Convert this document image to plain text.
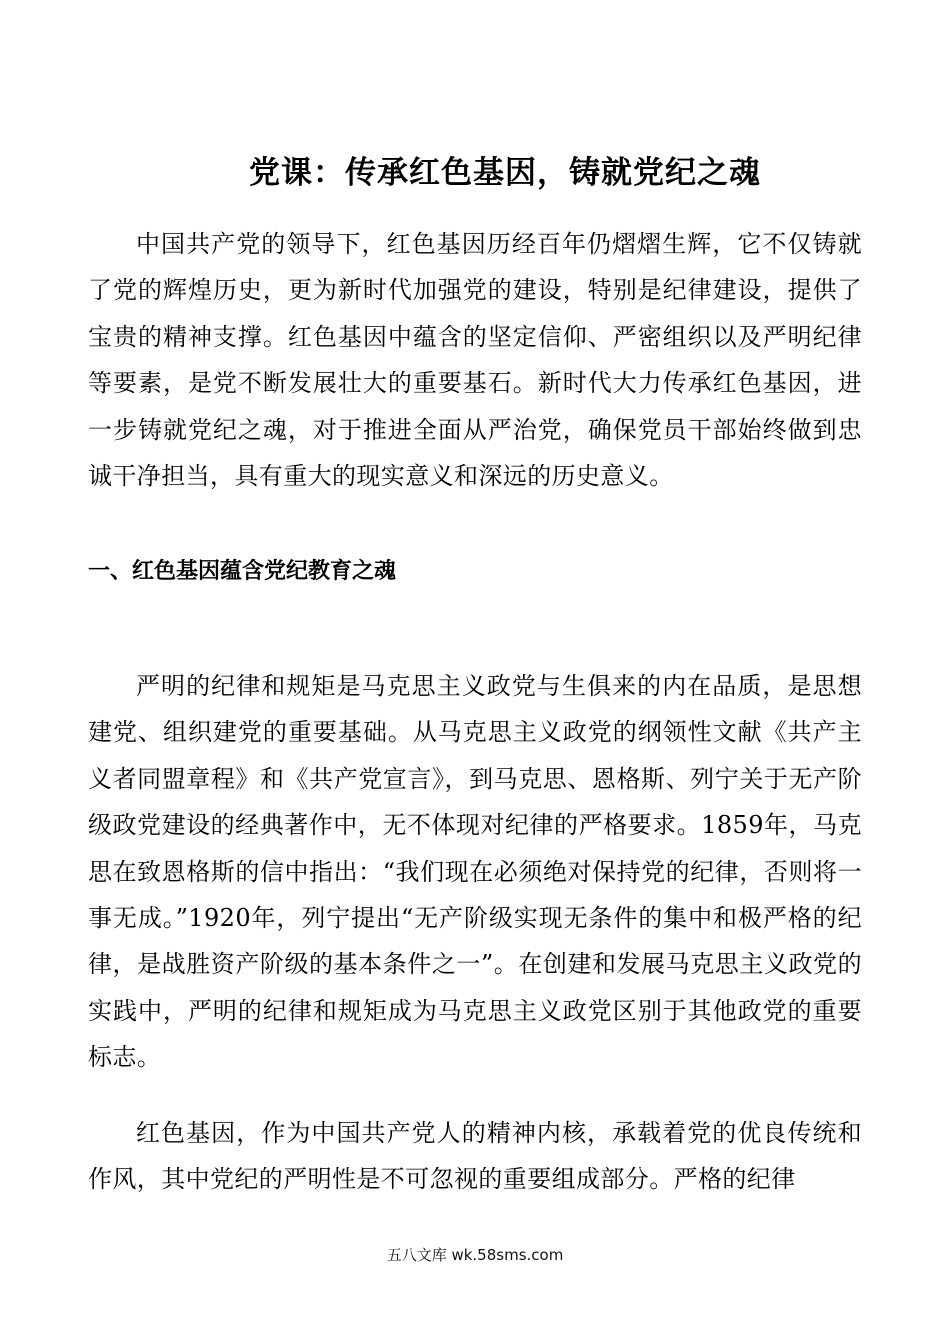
党课：传承红色基因，铸就党纪之魂

中国共产党的领导下，红色基因历经百年仍熠熠生辉，它不仅铸就了党的辉煌历史，更为新时代加强党的建设，特别是纪律建设，提供了宝贵的精神支撑。红色基因中蕴含的坚定信仰、严密组织以及严明纪律等要素，是党不断发展壮大的重要基石。新时代大力传承红色基因，进一步铸就党纪之魂，对于推进全面从严治党，确保党员干部始终做到忠诚干净担当，具有重大的现实意义和深远的历史意义。

一、红色基因蕴含党纪教育之魂

严明的纪律和规矩是马克思主义政党与生俱来的内在品质，是思想建党、组织建党的重要基础。从马克思主义政党的纲领性文献《共产主义者同盟章程》和《共产党宣言》，到马克思、恩格斯、列宁关于无产阶级政党建设的经典著作中，无不体现对纪律的严格要求。1859年，马克思在致恩格斯的信中指出：“我们现在必须绝对保持党的纪律，否则将一事无成。”1920年，列宁提出“无产阶级实现无条件的集中和极严格的纪律，是战胜资产阶级的基本条件之一”。在创建和发展马克思主义政党的实践中，严明的纪律和规矩成为马克思主义政党区别于其他政党的重要标志。

红色基因，作为中国共产党人的精神内核，承载着党的优良传统和作风，其中党纪的严明性是不可忽视的重要组成部分。严格的纪律

五八文库 wk.58sms.com
